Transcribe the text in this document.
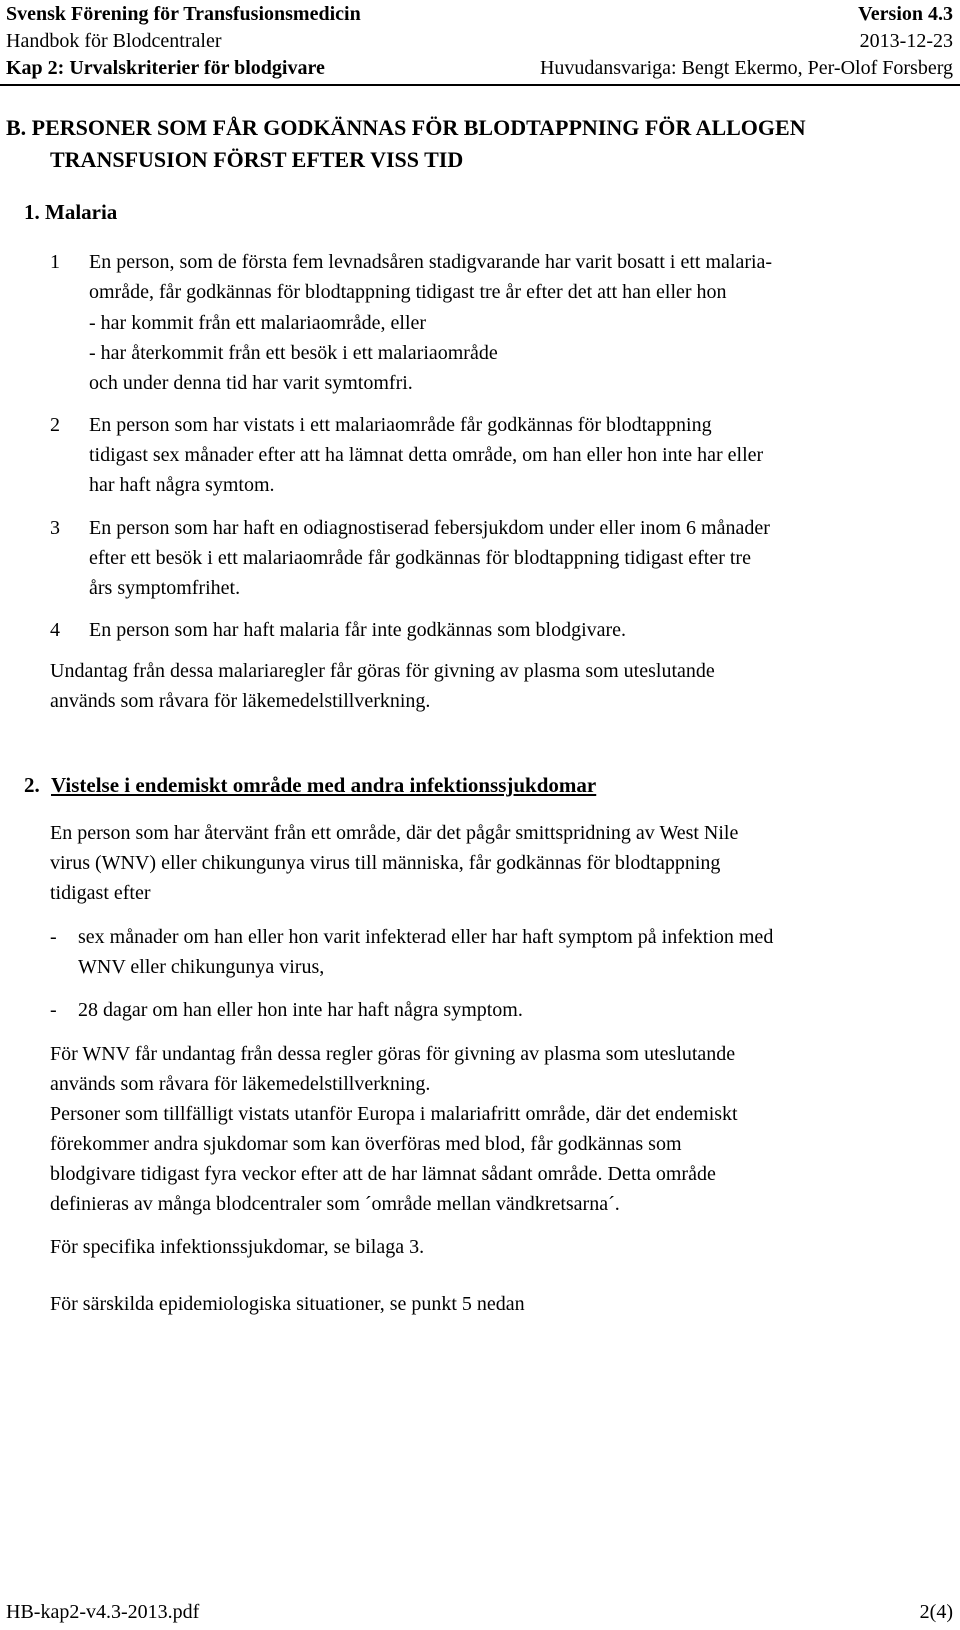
Svensk Förening för Transfusionsmedicin	Version 4.3
Handbok för Blodcentraler	2013-12-23
Kap 2: Urvalskriterier för blodgivare	Huvudansvariga: Bengt Ekermo, Per-Olof Forsberg
B. PERSONER SOM FÅR GODKÄNNAS FÖR BLODTAPPNING FÖR ALLOGEN
TRANSFUSION FÖRST EFTER VISS TID
1. Malaria
1 En person, som de första fem levnadsåren stadigvarande har varit bosatt i ett malaria-
område, får godkännas för blodtappning tidigast tre år efter det att han eller hon
- har kommit från ett malariaområde, eller
- har återkommit från ett besök i ett malariaområde
och under denna tid har varit symtomfri.
2 En person som har vistats i ett malariaområde får godkännas för blodtappning
tidigast sex månader efter att ha lämnat detta område, om han eller hon inte har eller
har haft några symtom.
3 En person som har haft en odiagnostiserad febersjukdom under eller inom 6 månader
efter ett besök i ett malariaområde får godkännas för blodtappning tidigast efter tre
års symptomfrihet.
4 En person som har haft malaria får inte godkännas som blodgivare.
Undantag från dessa malariaregler får göras för givning av plasma som uteslutande
används som råvara för läkemedelstillverkning.
2. Vistelse i endemiskt område med andra infektionssjukdomar
En person som har återvänt från ett område, där det pågår smittspridning av West Nile
virus (WNV) eller chikungunya virus till människa, får godkännas för blodtappning
tidigast efter
- sex månader om han eller hon varit infekterad eller har haft symptom på infektion med
WNV eller chikungunya virus,
- 28 dagar om han eller hon inte har haft några symptom.
För WNV får undantag från dessa regler göras för givning av plasma som uteslutande
används som råvara för läkemedelstillverkning.
Personer som tillfälligt vistats utanför Europa i malariafritt område, där det endemiskt
förekommer andra sjukdomar som kan överföras med blod, får godkännas som
blodgivare tidigast fyra veckor efter att de har lämnat sådant område. Detta område
definieras av många blodcentraler som ´område mellan vändkretsarna´.
För specifika infektionssjukdomar, se bilaga 3.
För särskilda epidemiologiska situationer, se punkt 5 nedan
HB-kap2-v4.3-2013.pdf	2(4)
